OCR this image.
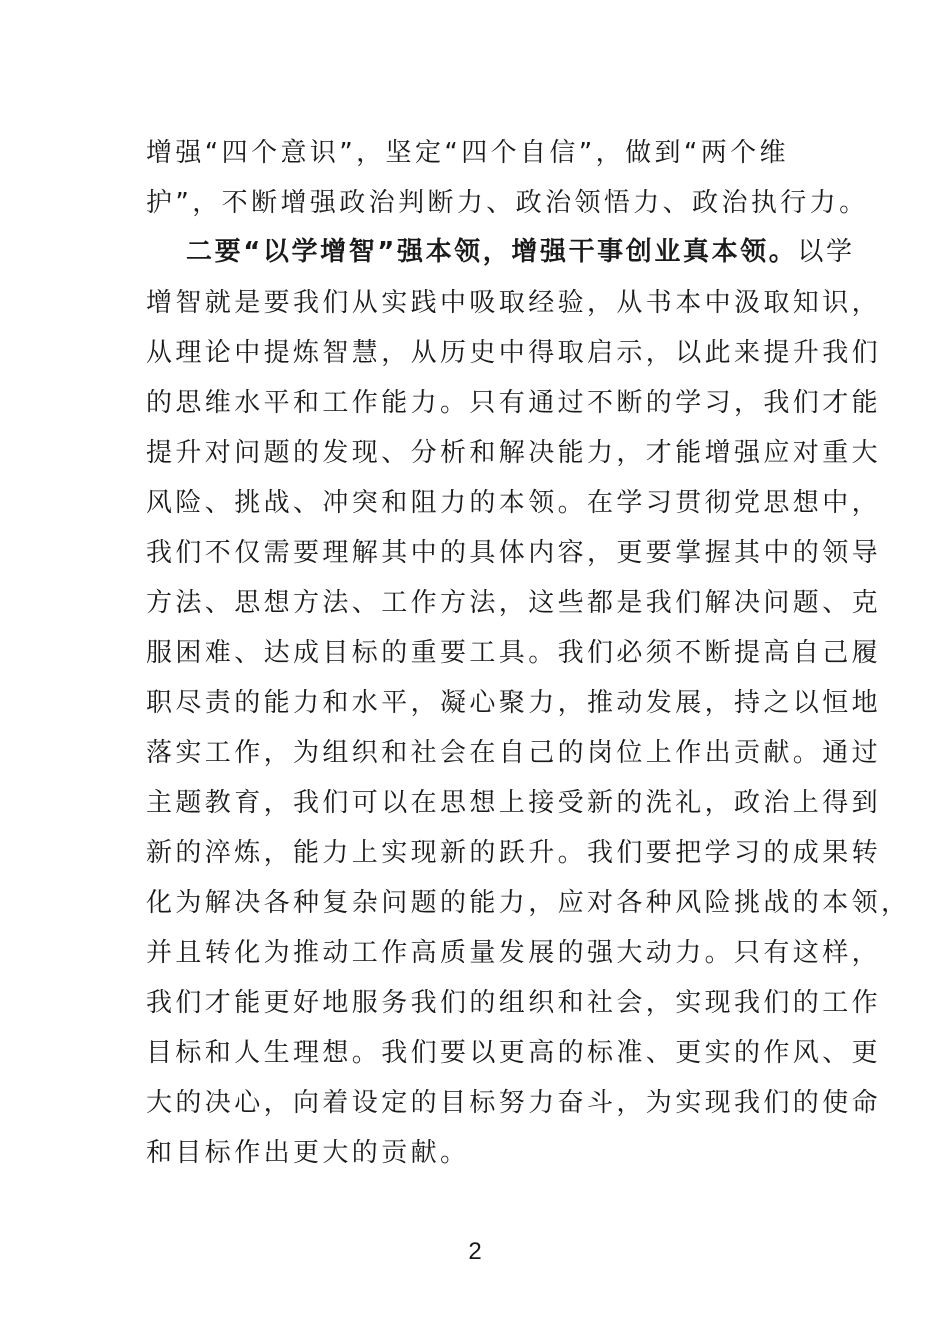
增强“四个意识”，坚定“四个自信”，做到“两个维
护”，不断增强政治判断力、政治领悟力、政治执行力。
二要“以学增智”强本领，增强干事创业真本领。以学
增智就是要我们从实践中吸取经验，从书本中汲取知识，
从理论中提炼智慧，从历史中得取启示，以此来提升我们
的思维水平和工作能力。只有通过不断的学习，我们才能
提升对问题的发现、分析和解决能力，才能增强应对重大
风险、挑战、冲突和阻力的本领。在学习贯彻党思想中，
我们不仅需要理解其中的具体内容，更要掌握其中的领导
方法、思想方法、工作方法，这些都是我们解决问题、克
服困难、达成目标的重要工具。我们必须不断提高自己履
职尽责的能力和水平，凝心聚力，推动发展，持之以恒地
落实工作，为组织和社会在自己的岗位上作出贡献。通过
主题教育，我们可以在思想上接受新的洗礼，政治上得到
新的淬炼，能力上实现新的跃升。我们要把学习的成果转
化为解决各种复杂问题的能力，应对各种风险挑战的本领，
并且转化为推动工作高质量发展的强大动力。只有这样，
我们才能更好地服务我们的组织和社会，实现我们的工作
目标和人生理想。我们要以更高的标准、更实的作风、更
大的决心，向着设定的目标努力奋斗，为实现我们的使命
和目标作出更大的贡献。
2
